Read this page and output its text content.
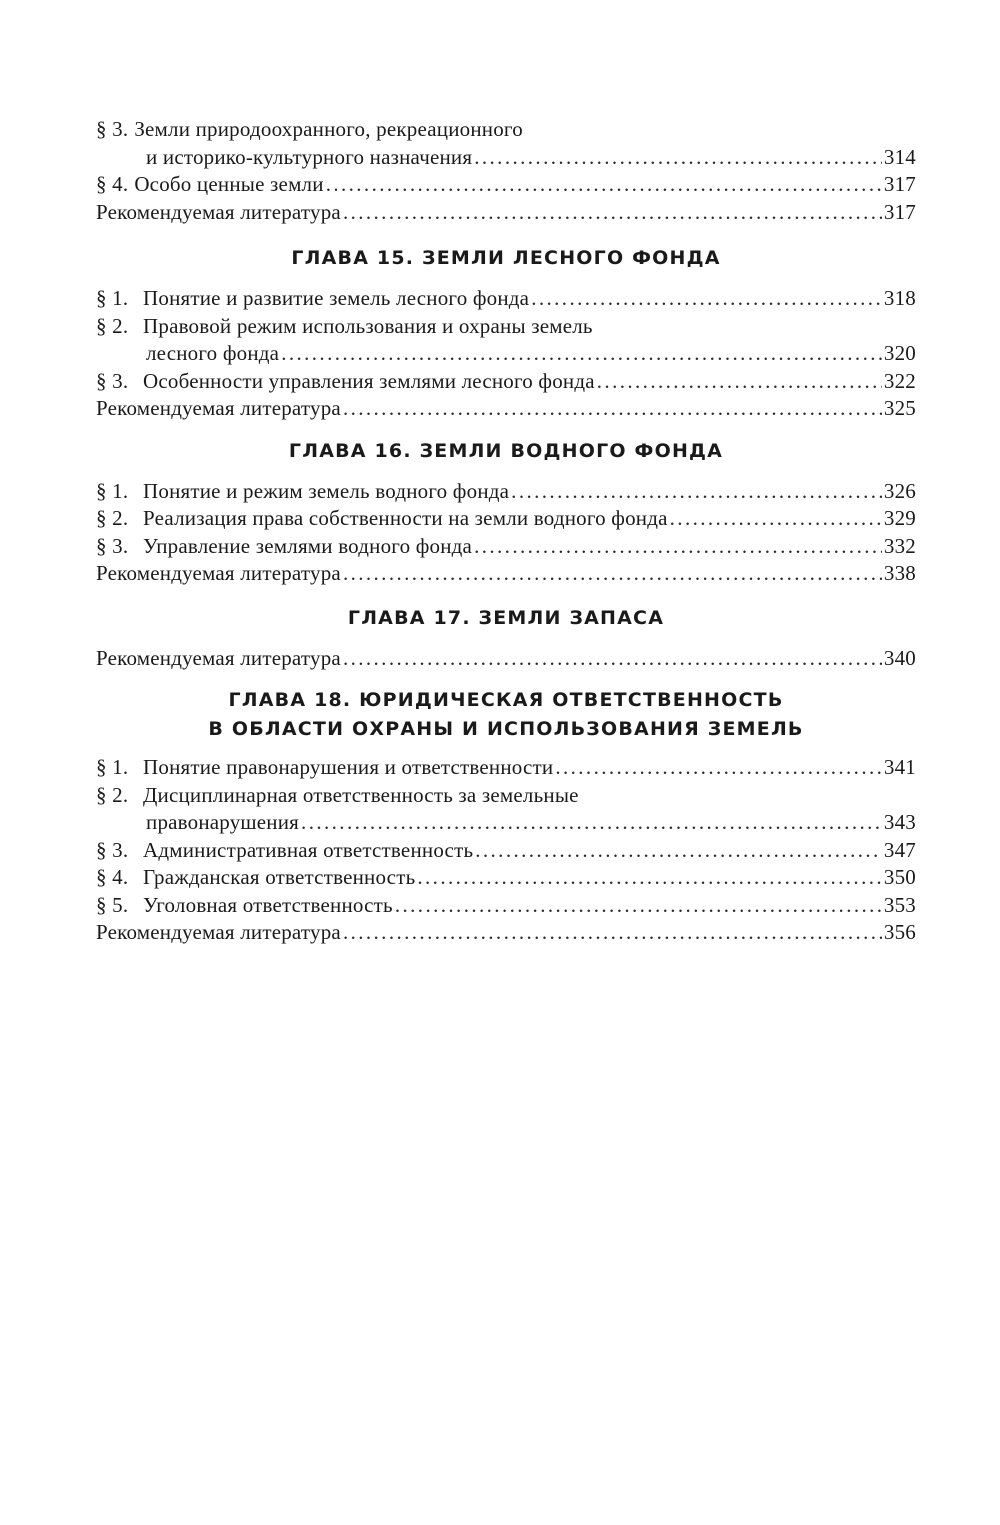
§ 3. Земли природоохранного, рекреационного
и историко-культурного назначения .....	314
§ 4. Особо ценные земли .....	317
Рекомендуемая литература .....	317
ГЛАВА 15. ЗЕМЛИ ЛЕСНОГО ФОНДА
§ 1. Понятие и развитие земель лесного фонда .....	318
§ 2. Правовой режим использования и охраны земель
лесного фонда .....	320
§ 3. Особенности управления землями лесного фонда .....	322
Рекомендуемая литература .....	325
ГЛАВА 16. ЗЕМЛИ ВОДНОГО ФОНДА
§ 1. Понятие и режим земель водного фонда .....	326
§ 2. Реализация права собственности на земли водного фонда .....	329
§ 3. Управление землями водного фонда .....	332
Рекомендуемая литература .....	338
ГЛАВА 17. ЗЕМЛИ ЗАПАСА
Рекомендуемая литература .....	340
ГЛАВА 18. ЮРИДИЧЕСКАЯ ОТВЕТСТВЕННОСТЬ
В ОБЛАСТИ ОХРАНЫ И ИСПОЛЬЗОВАНИЯ ЗЕМЕЛЬ
§ 1. Понятие правонарушения и ответственности .....	341
§ 2. Дисциплинарная ответственность за земельные
правонарушения .....	343
§ 3. Административная ответственность .....	347
§ 4. Гражданская ответственность .....	350
§ 5. Уголовная ответственность .....	353
Рекомендуемая литература .....	356
